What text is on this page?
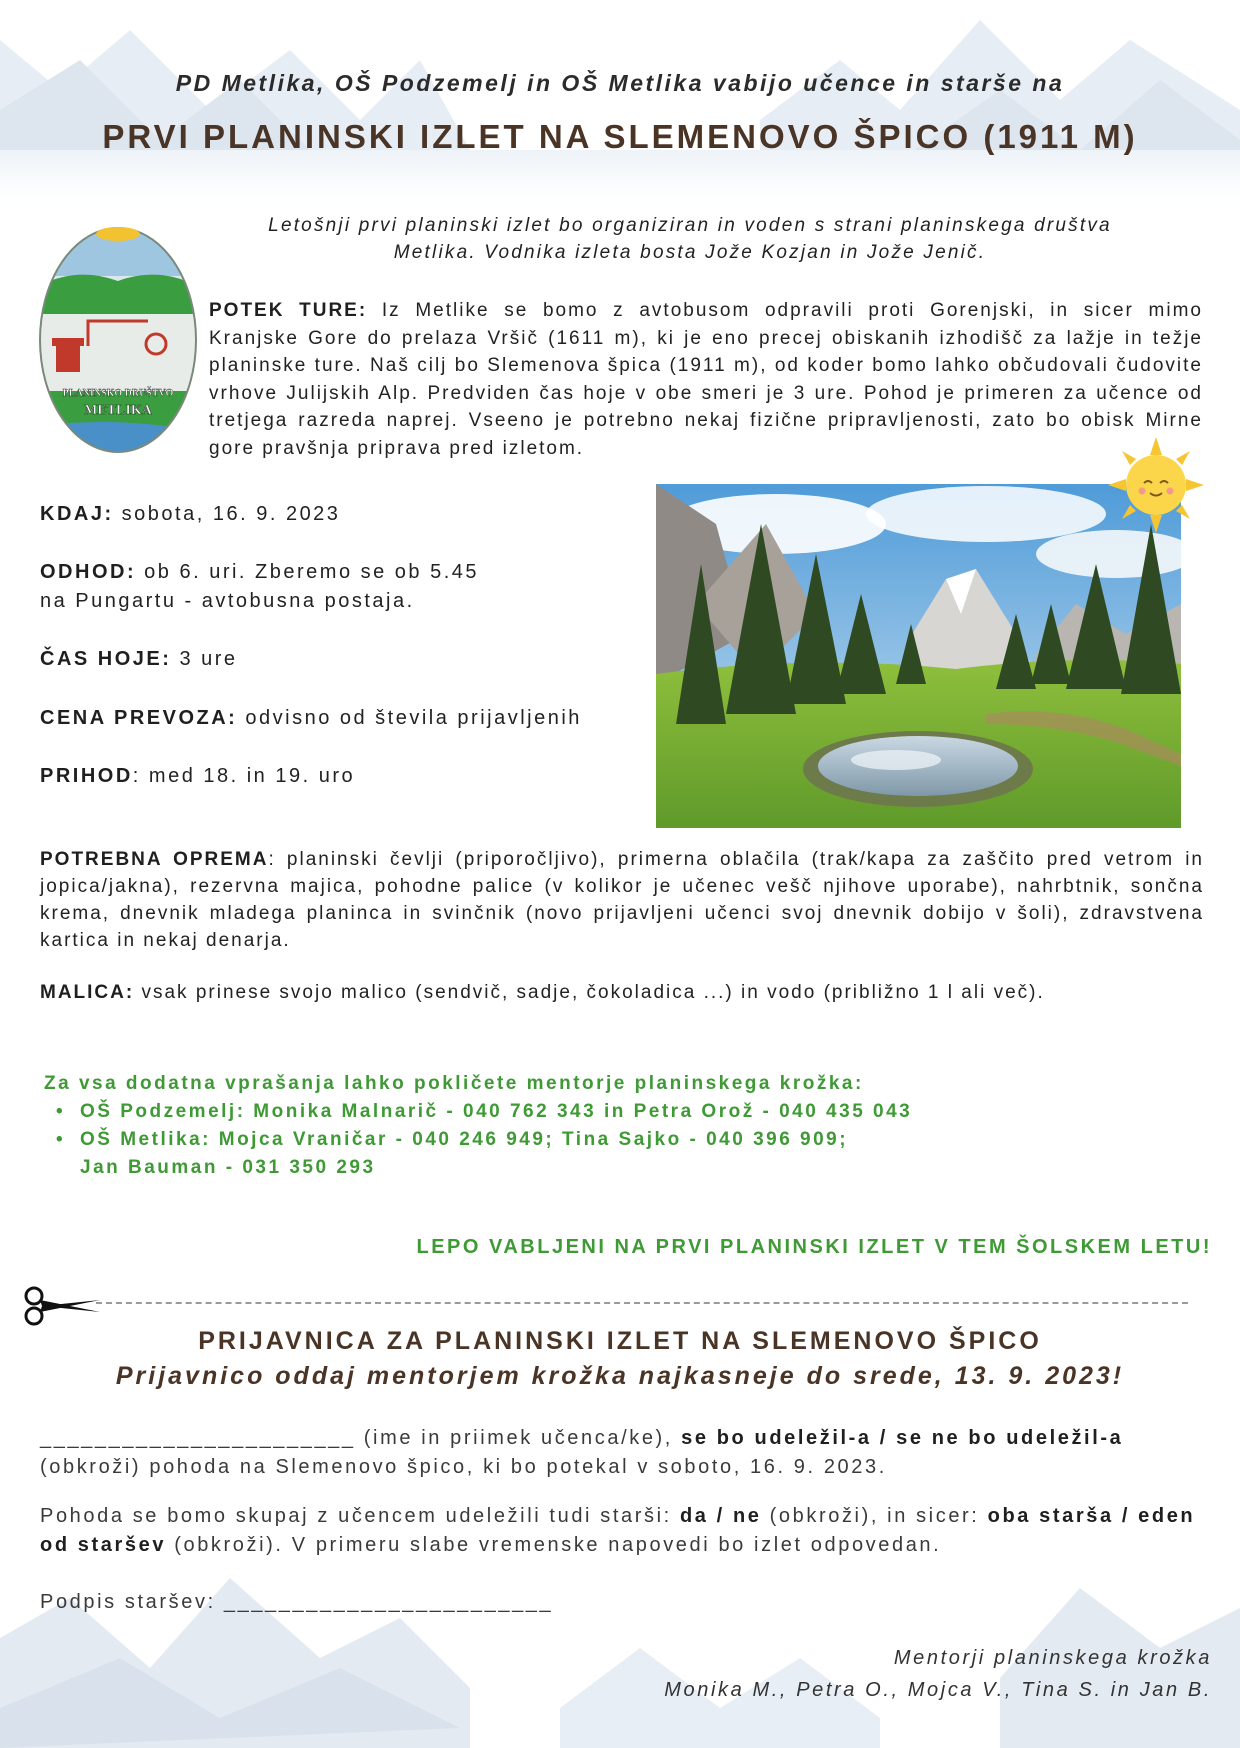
PD Metlika, OŠ Podzemelj in OŠ Metlika vabijo učence in starše na
PRVI PLANINSKI IZLET NA SLEMENOVO ŠPICO (1911 M)
Letošnji prvi planinski izlet bo organiziran in voden s strani planinskega društva Metlika. Vodnika izleta bosta Jože Kozjan in Jože Jenič.
PLANINSKO DRUŠTVO
METLIKA
POTEK TURE: Iz Metlike se bomo z avtobusom odpravili proti Gorenjski, in sicer mimo Kranjske Gore do prelaza Vršič (1611 m), ki je eno precej obiskanih izhodišč za lažje in težje planinske ture. Naš cilj bo Slemenova špica (1911 m), od koder bomo lahko občudovali čudovite vrhove Julijskih Alp. Predviden čas hoje v obe smeri je 3 ure. Pohod je primeren za učence od tretjega razreda naprej. Vseeno je potrebno nekaj fizične pripravljenosti, zato bo obisk Mirne gore pravšnja priprava pred izletom.
KDAJ: sobota, 16. 9. 2023
ODHOD: ob 6. uri. Zberemo se ob 5.45
na Pungartu - avtobusna postaja.
ČAS HOJE: 3 ure
CENA PREVOZA: odvisno od števila prijavljenih
PRIHOD: med 18. in 19. uro
POTREBNA OPREMA: planinski čevlji (priporočljivo), primerna oblačila (trak/kapa za zaščito pred vetrom in jopica/jakna), rezervna majica, pohodne palice (v kolikor je učenec vešč njihove uporabe), nahrbtnik, sončna krema, dnevnik mladega planinca in svinčnik (novo prijavljeni učenci svoj dnevnik dobijo v šoli), zdravstvena kartica in nekaj denarja.
MALICA: vsak prinese svojo malico (sendvič, sadje, čokoladica ...) in vodo (približno 1 l ali več).
Za vsa dodatna vprašanja lahko pokličete mentorje planinskega krožka:
• OŠ Podzemelj: Monika Malnarič - 040 762 343 in Petra Orož - 040 435 043
• OŠ Metlika: Mojca Vraničar - 040 246 949; Tina Sajko - 040 396 909;
Jan Bauman - 031 350 293
LEPO VABLJENI NA PRVI PLANINSKI IZLET V TEM ŠOLSKEM LETU!
PRIJAVNICA ZA PLANINSKI IZLET NA SLEMENOVO ŠPICO
Prijavnico oddaj mentorjem krožka najkasneje do srede, 13. 9. 2023!
_______________________ (ime in priimek učenca/ke), se bo udeležil-a / se ne bo udeležil-a (obkroži) pohoda na Slemenovo špico, ki bo potekal v soboto, 16. 9. 2023.
Pohoda se bomo skupaj z učencem udeležili tudi starši: da / ne (obkroži), in sicer: oba starša / eden od staršev (obkroži). V primeru slabe vremenske napovedi bo izlet odpovedan.
Podpis staršev: ________________________
Mentorji planinskega krožka
Monika M., Petra O., Mojca V., Tina S. in Jan B.
